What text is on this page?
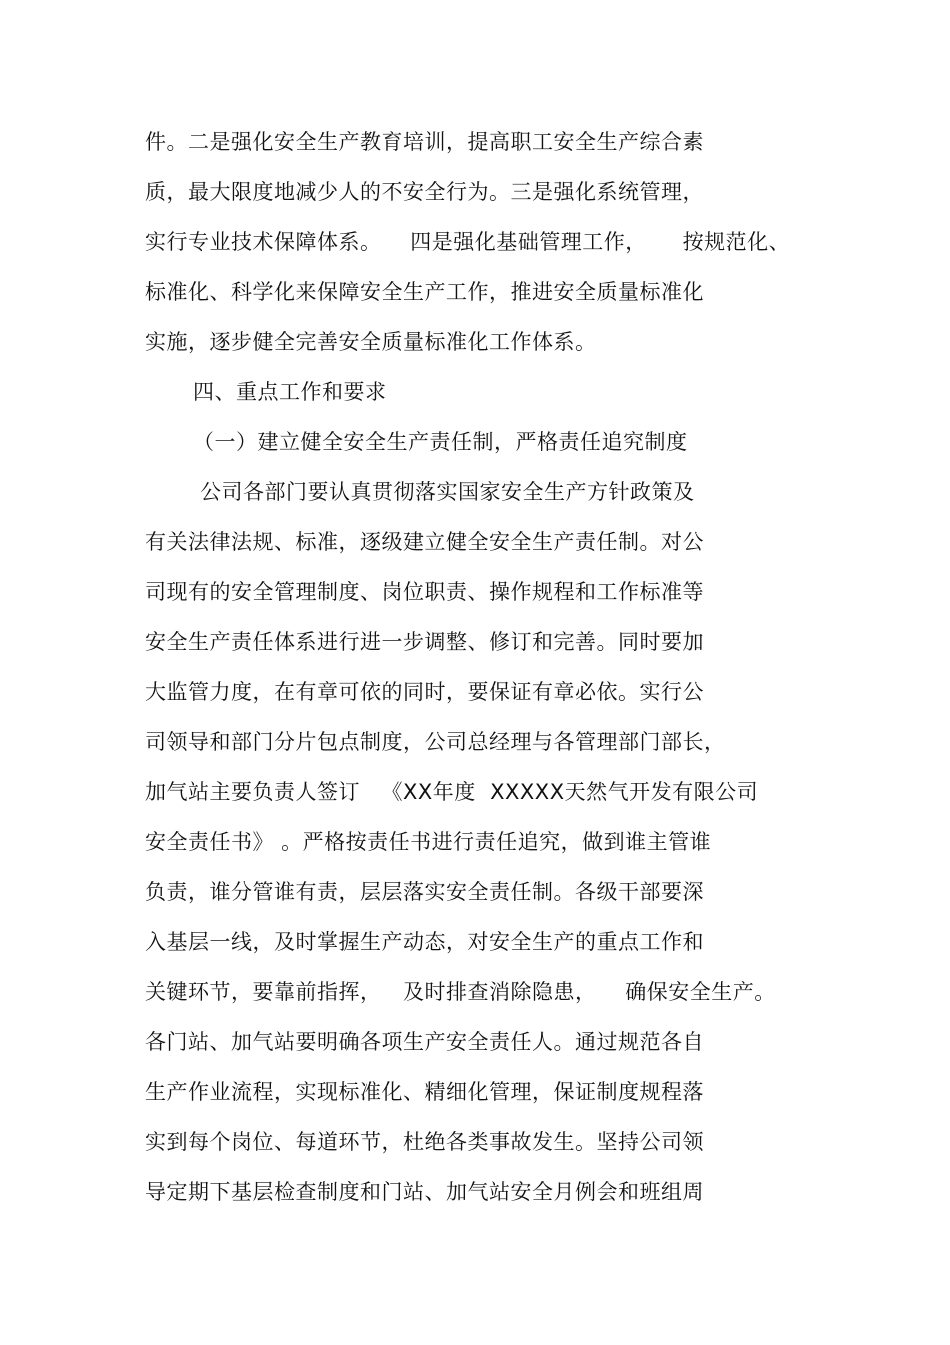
件。二是强化安全生产教育培训，提高职工安全生产综合素
质，最大限度地减少人的不安全行为。三是强化系统管理，
实行专业技术保障体系。    四是强化基础管理工作，     按规范化、
标准化、科学化来保障安全生产工作，推进安全质量标准化
实施，逐步健全完善安全质量标准化工作体系。
四、重点工作和要求
（一）建立健全安全生产责任制，严格责任追究制度
公司各部门要认真贯彻落实国家安全生产方针政策及
有关法律法规、标准，逐级建立健全安全生产责任制。对公
司现有的安全管理制度、岗位职责、操作规程和工作标准等
安全生产责任体系进行进一步调整、修订和完善。同时要加
大监管力度，在有章可依的同时，要保证有章必依。实行公
司领导和部门分片包点制度，公司总经理与各管理部门部长，
加气站主要负责人签订   《XX年度  XXXXX天然气开发有限公司
安全责任书》 。严格按责任书进行责任追究，做到谁主管谁
负责，谁分管谁有责，层层落实安全责任制。各级干部要深
入基层一线，及时掌握生产动态，对安全生产的重点工作和
关键环节，要靠前指挥，   及时排查消除隐患，    确保安全生产。
各门站、加气站要明确各项生产安全责任人。通过规范各自
生产作业流程，实现标准化、精细化管理，保证制度规程落
实到每个岗位、每道环节，杜绝各类事故发生。坚持公司领
导定期下基层检查制度和门站、加气站安全月例会和班组周
